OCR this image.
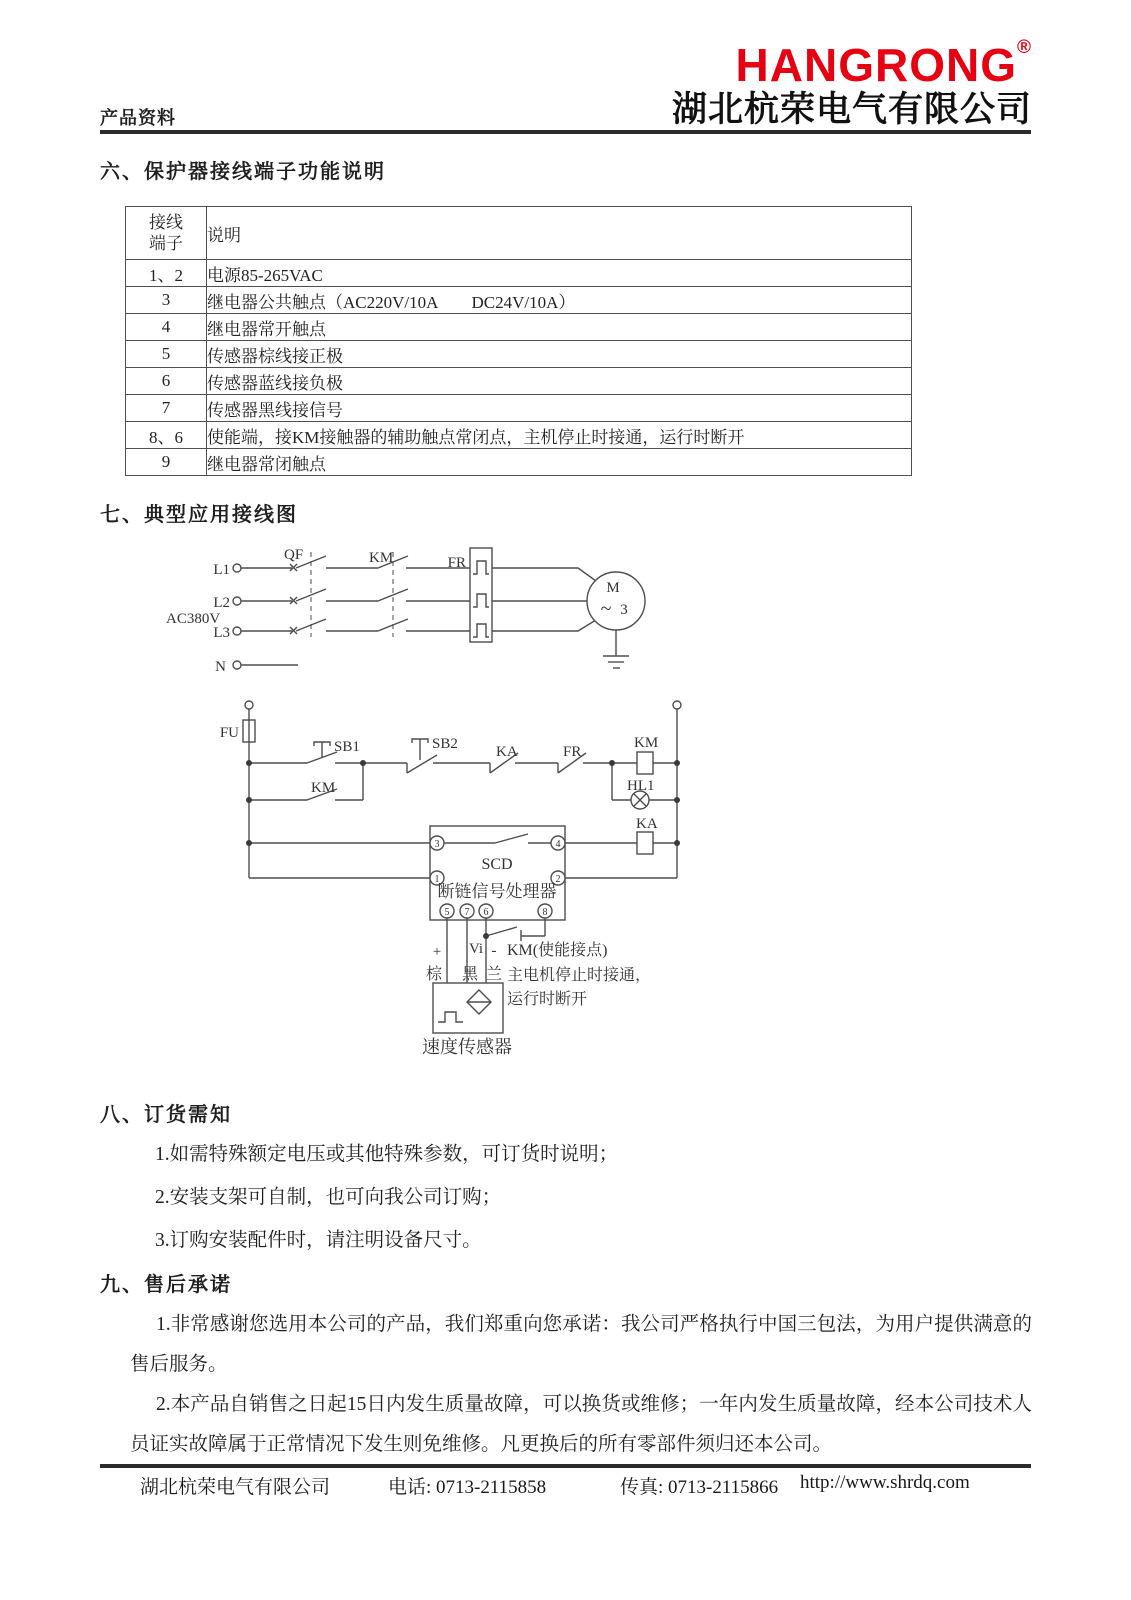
产品资料
HANGRONG®
湖北杭荣电气有限公司
六、保护器接线端子功能说明
接线
端子	说明
1、2	电源85-265VAC
3	继电器公共触点（AC220V/10A　　DC24V/10A）
4	继电器常开触点
5	传感器棕线接正极
6	传感器蓝线接负极
7	传感器黑线接信号
8、6	使能端，接KM接触器的辅助触点常闭点，主机停止时接通，运行时断开
9	继电器常闭触点
七、典型应用接线图
L1
L2
L3
N
AC380V
QF	KM	FR
M
~ 3
FU
SB1	SB2	KA	FR
KM
KM
HL1
KA
SCD
断链信号处理器
3	4
1	2
5 7 6	8
+ Vi -
棕 黑 兰
KM(使能接点)
主电机停止时接通，
运行时断开
速度传感器
八、订货需知
1.如需特殊额定电压或其他特殊参数，可订货时说明；
2.安装支架可自制，也可向我公司订购；
3.订购安装配件时，请注明设备尺寸。
九、售后承诺
1.非常感谢您选用本公司的产品，我们郑重向您承诺：我公司严格执行中国三包法，为用户提供满意的售后服务。
2.本产品自销售之日起15日内发生质量故障，可以换货或维修；一年内发生质量故障，经本公司技术人员证实故障属于正常情况下发生则免维修。凡更换后的所有零部件须归还本公司。
湖北杭荣电气有限公司	电话: 0713-2115858	传真: 0713-2115866 http://www.shrdq.com
